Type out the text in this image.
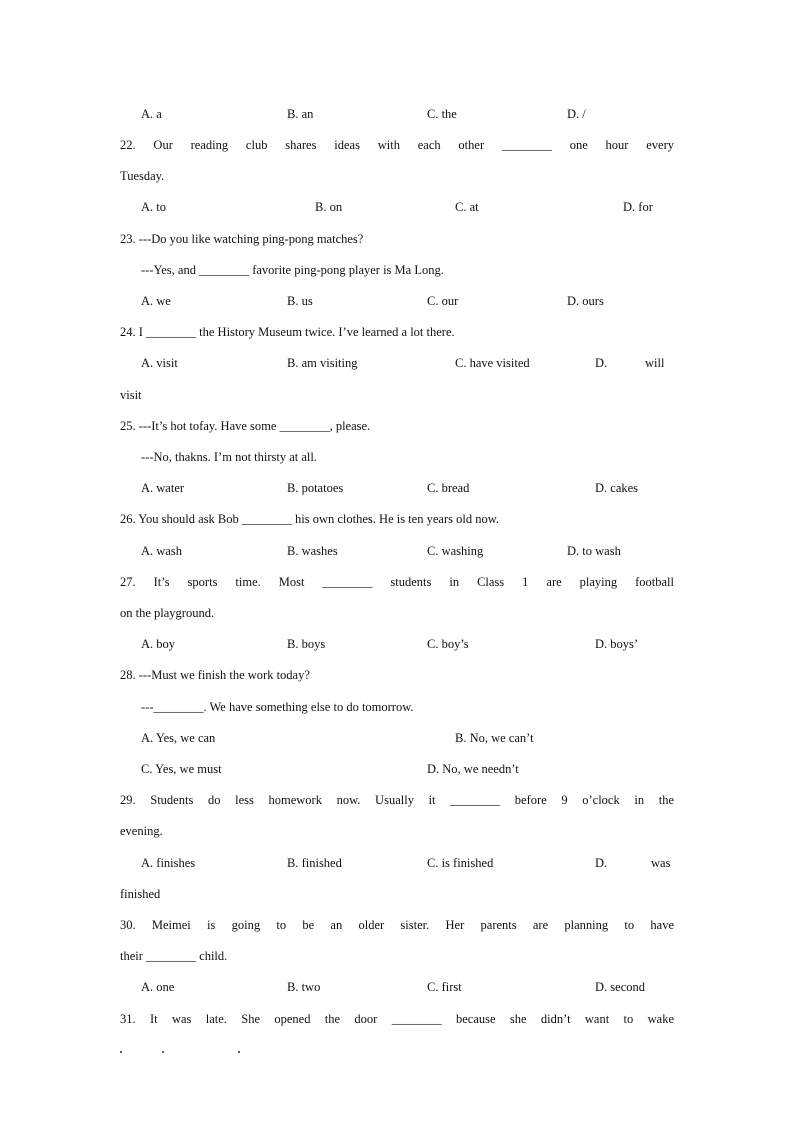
A. a	B. an	C. the	D. /
22. Our reading club shares ideas with each other ________ one hour every
Tuesday.
A. to	B. on	C. at	D. for
23. ---Do you like watching ping-pong matches?
---Yes, and ________ favorite ping-pong player is Ma Long.
A. we	B. us	C. our	D. ours
24. I ________ the History Museum twice. I’ve learned a lot there.
A. visit	B. am visiting	C. have visited	D.	will
visit
25. ---It’s hot tofay. Have some ________, please.
---No, thakns. I’m not thirsty at all.
A. water	B. potatoes	C. bread	D. cakes
26. You should ask Bob ________ his own clothes. He is ten years old now.
A. wash	B. washes	C. washing	D. to wash
27. It’s sports time. Most ________ students in Class 1 are playing football
on the playground.
A. boy	B. boys	C. boy’s	D. boys’
28. ---Must we finish the work today?
---________. We have something else to do tomorrow.
A. Yes, we can	B. No, we can’t
C. Yes, we must	D. No, we needn’t
29. Students do less homework now. Usually it ________ before 9 o’clock in the
evening.
A. finishes	B. finished	C. is finished	D.	was
finished
30. Meimei is going to be an older sister. Her parents are planning to have
their ________ child.
A. one	B. two	C. first	D. second
31. It was late. She opened the door ________ because she didn’t want to wake
